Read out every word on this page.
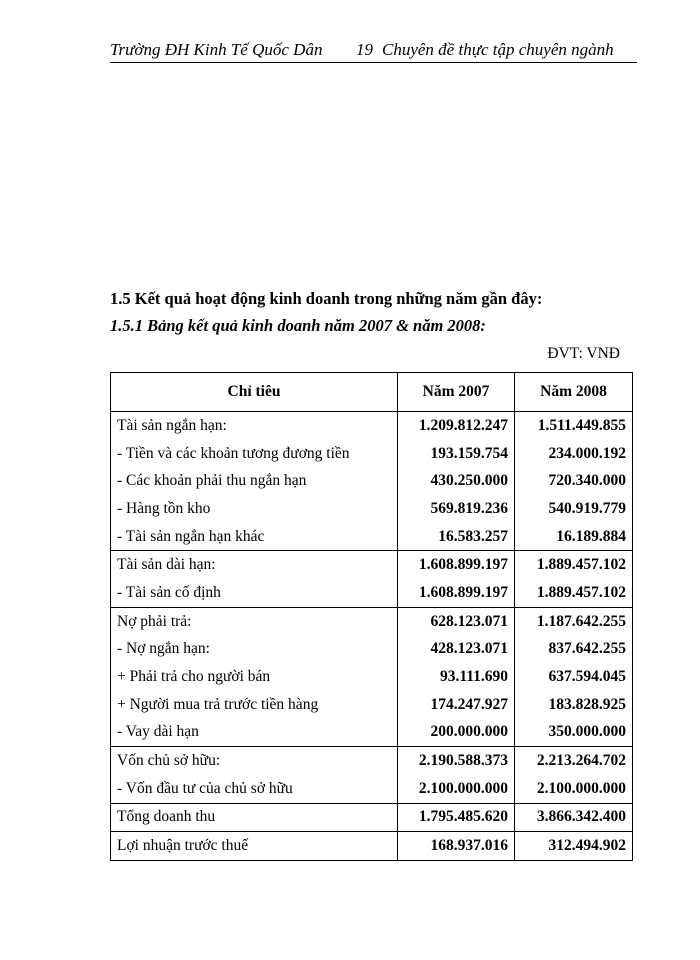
Trường ĐH Kinh Tế Quốc Dân 19 Chuyên đề thực tập chuyên ngành
1.5 Kết quả hoạt động kinh doanh trong những năm gần đây:
1.5.1 Bảng kết quả kinh doanh năm 2007 & năm 2008:
ĐVT: VNĐ
Chỉ tiêu	Năm 2007	Năm 2008
Tài sản ngắn hạn:	1.209.812.247	1.511.449.855
- Tiền và các khoản tương đương tiền	193.159.754	234.000.192
- Các khoản phải thu ngắn hạn	430.250.000	720.340.000
- Hàng tồn kho	569.819.236	540.919.779
- Tài sản ngắn hạn khác	16.583.257	16.189.884
Tài sản dài hạn:	1.608.899.197	1.889.457.102
- Tài sản cố định	1.608.899.197	1.889.457.102
Nợ phải trả:	628.123.071	1.187.642.255
- Nợ ngắn hạn:	428.123.071	837.642.255
+ Phải trả cho người bán	93.111.690	637.594.045
+ Người mua trả trước tiền hàng	174.247.927	183.828.925
- Vay dài hạn	200.000.000	350.000.000
Vốn chủ sở hữu:	2.190.588.373	2.213.264.702
- Vốn đầu tư của chủ sở hữu	2.100.000.000	2.100.000.000
Tổng doanh thu	1.795.485.620	3.866.342.400
Lợi nhuận trước thuế	168.937.016	312.494.902
